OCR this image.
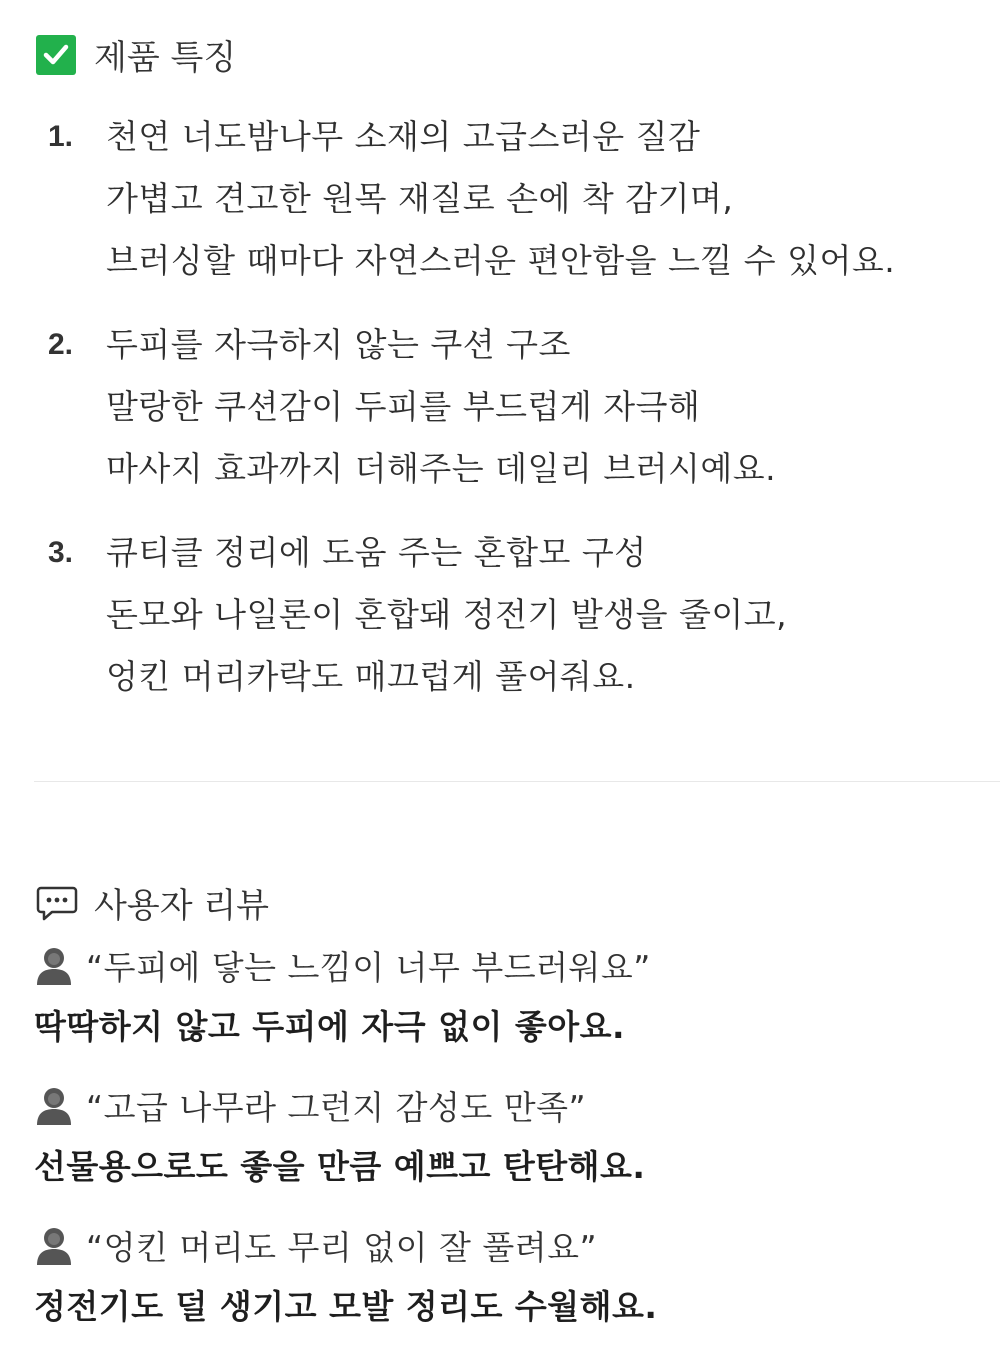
제품 특징
1. 천연 너도밤나무 소재의 고급스러운 질감
가볍고 견고한 원목 재질로 손에 착 감기며,
브러싱할 때마다 자연스러운 편안함을 느낄 수 있어요.
2. 두피를 자극하지 않는 쿠션 구조
말랑한 쿠션감이 두피를 부드럽게 자극해
마사지 효과까지 더해주는 데일리 브러시예요.
3. 큐티클 정리에 도움 주는 혼합모 구성
돈모와 나일론이 혼합돼 정전기 발생을 줄이고,
엉킨 머리카락도 매끄럽게 풀어줘요.
사용자 리뷰
“두피에 닿는 느낌이 너무 부드러워요”
딱딱하지 않고 두피에 자극 없이 좋아요.
“고급 나무라 그런지 감성도 만족”
선물용으로도 좋을 만큼 예쁘고 탄탄해요.
“엉킨 머리도 무리 없이 잘 풀려요”
정전기도 덜 생기고 모발 정리도 수월해요.
